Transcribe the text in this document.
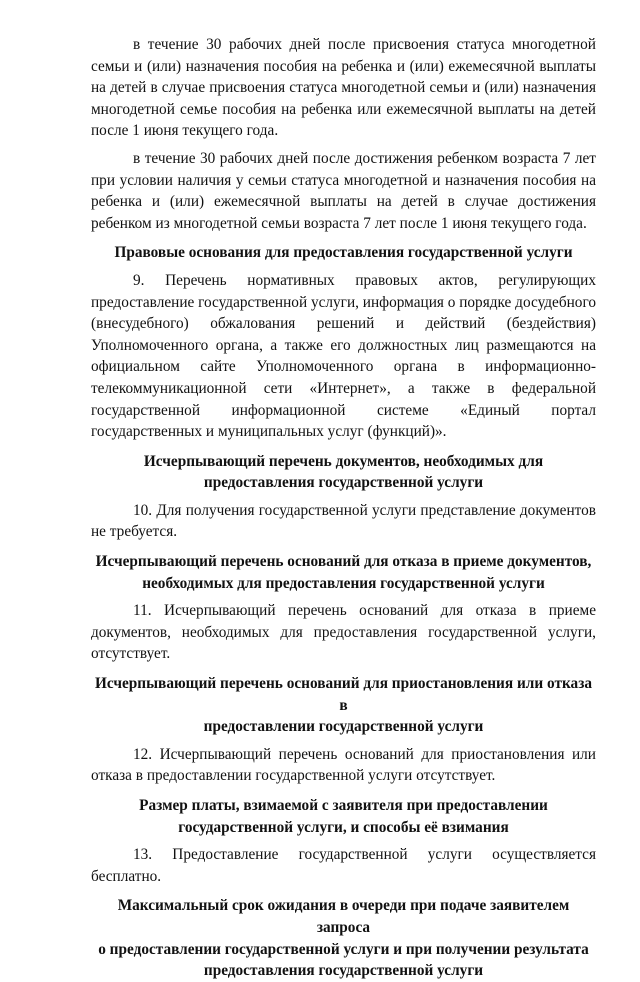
в течение 30 рабочих дней после присвоения статуса многодетной семьи и (или) назначения пособия на ребенка и (или) ежемесячной выплаты на детей в случае присвоения статуса многодетной семьи и (или) назначения многодетной семье пособия на ребенка или ежемесячной выплаты на детей после 1 июня текущего года.

в течение 30 рабочих дней после достижения ребенком возраста 7 лет при условии наличия у семьи статуса многодетной и назначения пособия на ребенка и (или) ежемесячной выплаты на детей в случае достижения ребенком из многодетной семьи возраста 7 лет после 1 июня текущего года.

Правовые основания для предоставления государственной услуги

9. Перечень нормативных правовых актов, регулирующих предоставление государственной услуги, информация о порядке досудебного (внесудебного) обжалования решений и действий (бездействия) Уполномоченного органа, а также его должностных лиц размещаются на официальном сайте Уполномоченного органа в информационно-телекоммуникационной сети «Интернет», а также в федеральной государственной информационной системе «Единый портал государственных и муниципальных услуг (функций)».

Исчерпывающий перечень документов, необходимых для

предоставления государственной услуги

10. Для получения государственной услуги представление документов не требуется.

Исчерпывающий перечень оснований для отказа в приеме документов,

необходимых для предоставления государственной услуги

11. Исчерпывающий перечень оснований для отказа в приеме документов, необходимых для предоставления государственной услуги, отсутствует.

Исчерпывающий перечень оснований для приостановления или отказа в

предоставлении государственной услуги

12. Исчерпывающий перечень оснований для приостановления или отказа в предоставлении государственной услуги отсутствует.

Размер платы, взимаемой с заявителя при предоставлении

государственной услуги, и способы её взимания

13. Предоставление государственной услуги осуществляется бесплатно.

Максимальный срок ожидания в очереди при подаче заявителем запроса

о предоставлении государственной услуги и при получении результата

предоставления государственной услуги
